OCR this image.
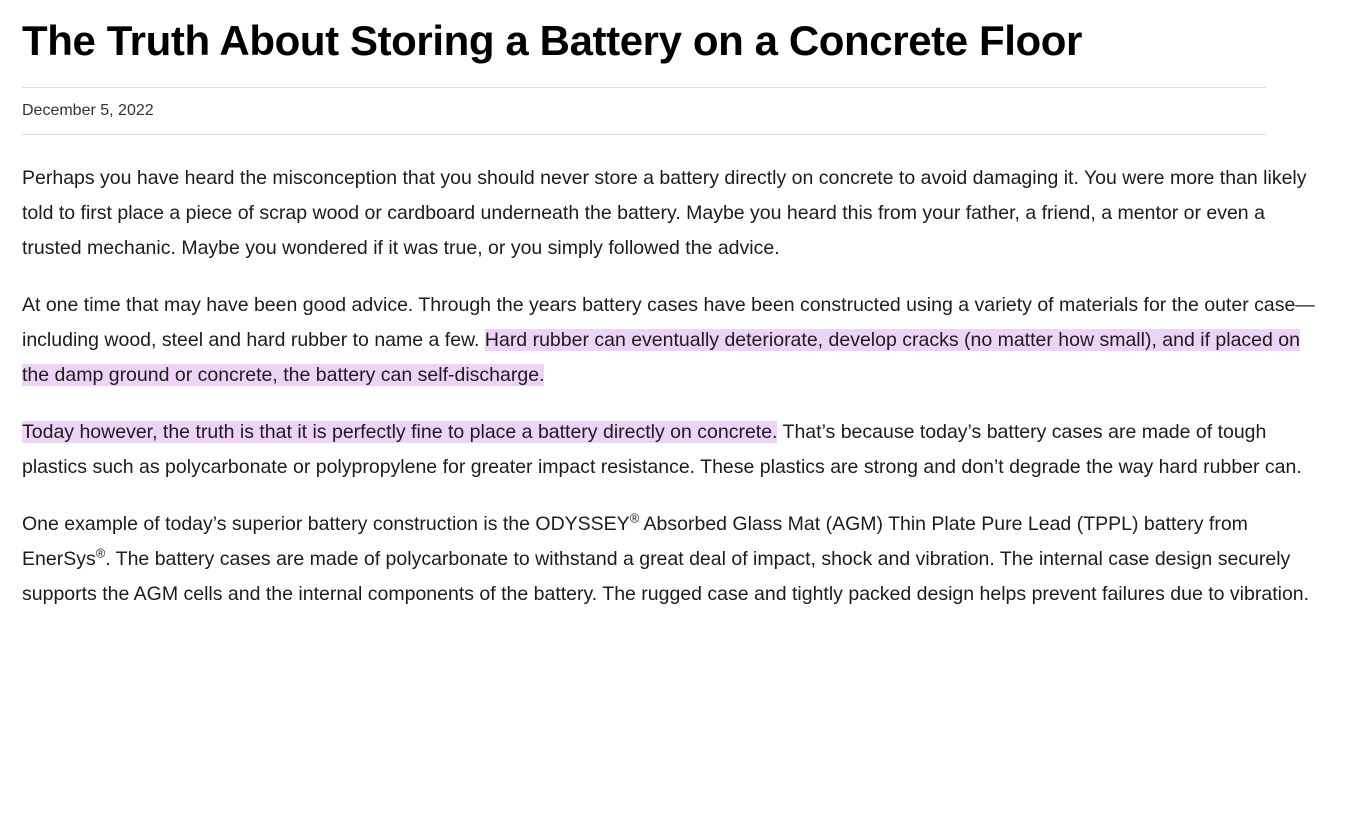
The Truth About Storing a Battery on a Concrete Floor
December 5, 2022

Perhaps you have heard the misconception that you should never store a battery directly on concrete to avoid damaging it. You were more than likely told to first place a piece of scrap wood or cardboard underneath the battery. Maybe you heard this from your father, a friend, a mentor or even a trusted mechanic. Maybe you wondered if it was true, or you simply followed the advice.

At one time that may have been good advice. Through the years battery cases have been constructed using a variety of materials for the outer case—including wood, steel and hard rubber to name a few. Hard rubber can eventually deteriorate, develop cracks (no matter how small), and if placed on the damp ground or concrete, the battery can self-discharge.

Today however, the truth is that it is perfectly fine to place a battery directly on concrete. That’s because today’s battery cases are made of tough plastics such as polycarbonate or polypropylene for greater impact resistance. These plastics are strong and don’t degrade the way hard rubber can.

One example of today’s superior battery construction is the ODYSSEY® Absorbed Glass Mat (AGM) Thin Plate Pure Lead (TPPL) battery from EnerSys®. The battery cases are made of polycarbonate to withstand a great deal of impact, shock and vibration. The internal case design securely supports the AGM cells and the internal components of the battery. The rugged case and tightly packed design helps prevent failures due to vibration.
